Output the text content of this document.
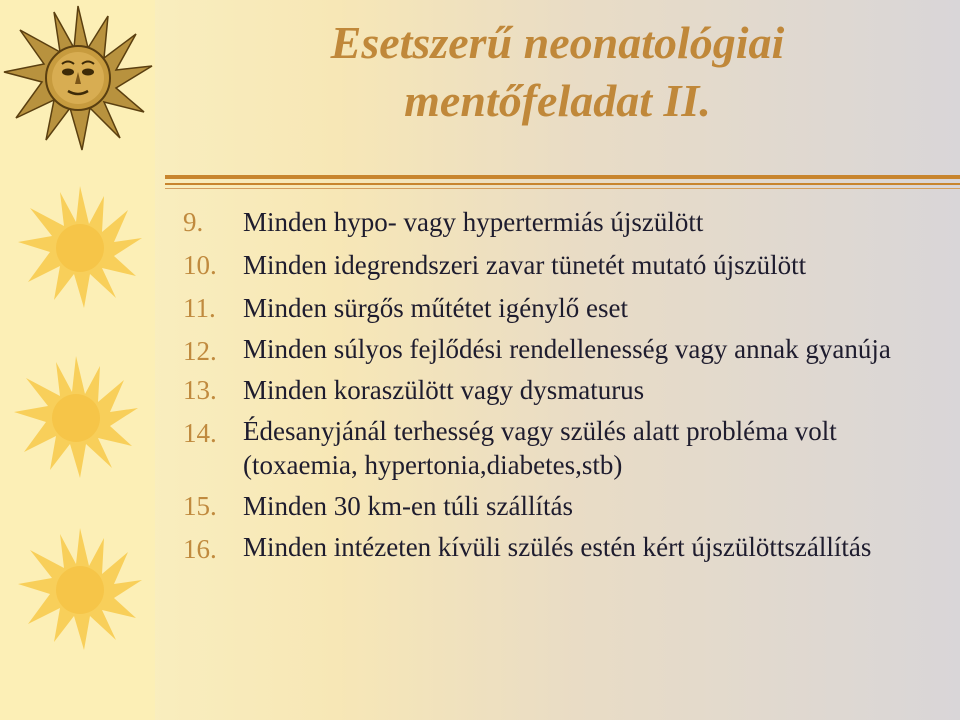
Esetszerű neonatológiai
mentőfeladat II.
9. Minden hypo- vagy hypertermiás újszülött
10. Minden idegrendszeri zavar tünetét mutató újszülött
11. Minden sürgős műtétet igénylő eset
12. Minden súlyos fejlődési rendellenesség vagy annak gyanúja
13. Minden koraszülött vagy dysmaturus
14. Édesanyjánál terhesség vagy szülés alatt probléma volt (toxaemia, hypertonia,diabetes,stb)
15. Minden 30 km-en túli szállítás
16. Minden intézeten kívüli szülés estén kért újszülöttszállítás
